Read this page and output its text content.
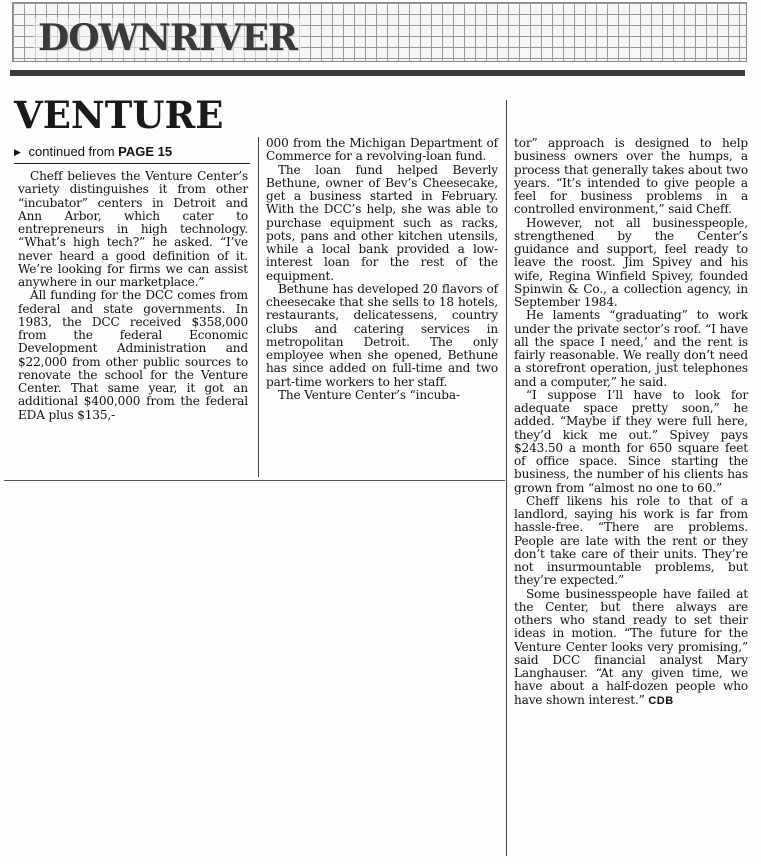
DOWNRIVER
VENTURE
▶ continued from PAGE 15

Cheff believes the Venture Center’s variety distinguishes it from other “incubator” centers in Detroit and Ann Arbor, which cater to entrepreneurs in high technology. “What’s high tech?” he asked. “I’ve never heard a good definition of it. We’re looking for firms we can assist anywhere in our marketplace.”

All funding for the DCC comes from federal and state governments. In 1983, the DCC received $358,000 from the federal Economic Development Administration and $22,000 from other public sources to renovate the school for the Venture Center. That same year, it got an additional $400,000 from the federal EDA plus $135,-

000 from the Michigan Department of Commerce for a revolving-loan fund.

The loan fund helped Beverly Bethune, owner of Bev’s Cheesecake, get a business started in February. With the DCC’s help, she was able to purchase equipment such as racks, pots, pans and other kitchen utensils, while a local bank provided a low-interest loan for the rest of the equipment.

Bethune has developed 20 flavors of cheesecake that she sells to 18 hotels, restaurants, delicatessens, country clubs and catering services in metropolitan Detroit. The only employee when she opened, Bethune has since added on full-time and two part-time workers to her staff.

The Venture Center’s “incuba-

tor” approach is designed to help business owners over the humps, a process that generally takes about two years. “It’s intended to give people a feel for business problems in a controlled environment,” said Cheff.

However, not all businesspeople, strengthened by the Center’s guidance and support, feel ready to leave the roost. Jim Spivey and his wife, Regina Winfield Spivey, founded Spinwin & Co., a collection agency, in September 1984.

He laments “graduating” to work under the private sector’s roof. “I have all the space I need,’ and the rent is fairly reasonable. We really don’t need a storefront operation, just telephones and a computer,” he said.

“I suppose I’ll have to look for adequate space pretty soon,” he added. “Maybe if they were full here, they’d kick me out.” Spivey pays $243.50 a month for 650 square feet of office space. Since starting the business, the number of his clients has grown from “almost no one to 60.”

Cheff likens his role to that of a landlord, saying his work is far from hassle-free. “There are problems. People are late with the rent or they don’t take care of their units. They’re not insurmountable problems, but they’re expected.”

Some businesspeople have failed at the Center, but there always are others who stand ready to set their ideas in motion. “The future for the Venture Center looks very promising,” said DCC financial analyst Mary Langhauser. “At any given time, we have about a half-dozen people who have shown interest.” CDB
